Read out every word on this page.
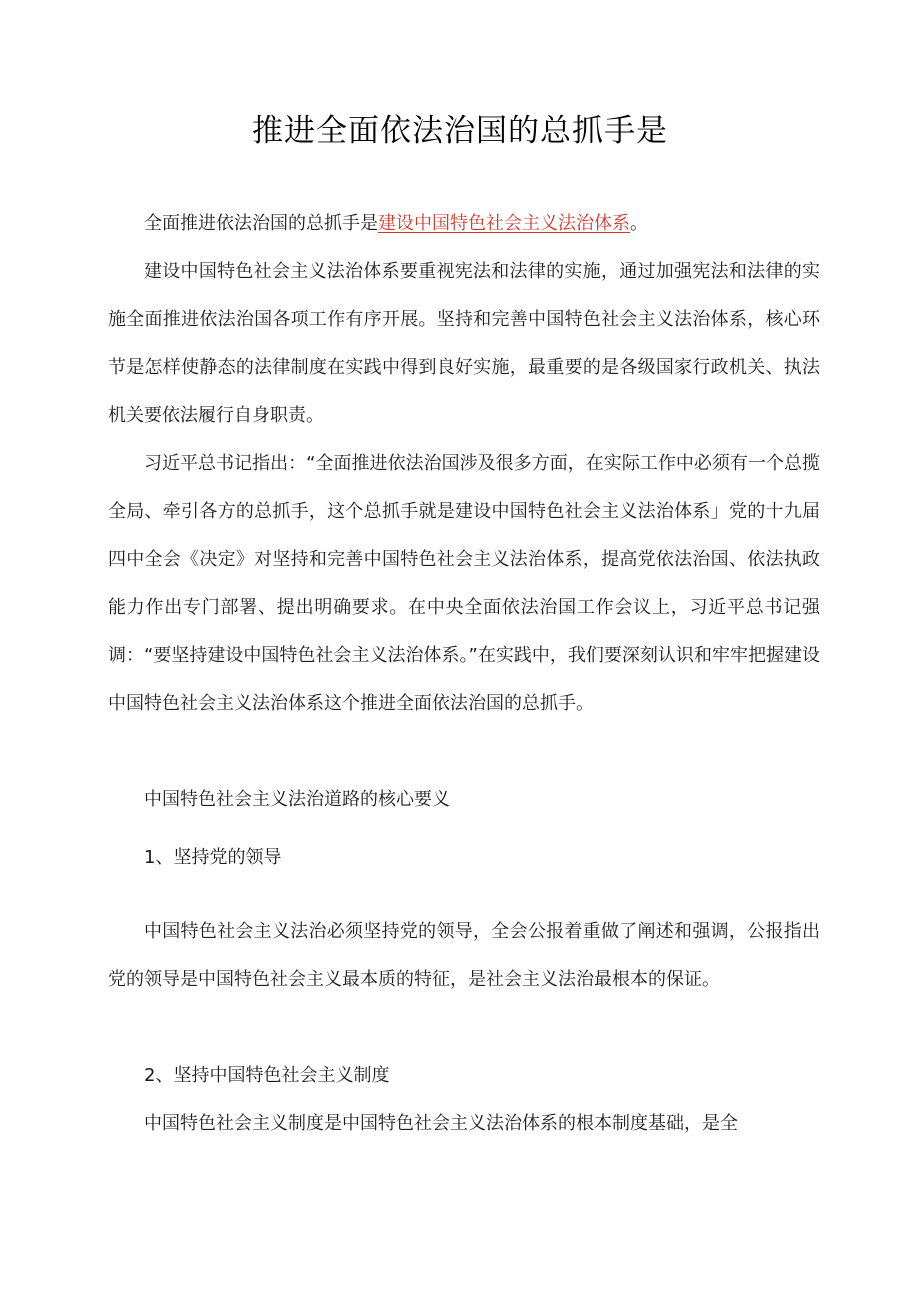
推进全面依法治国的总抓手是
全面推进依法治国的总抓手是建设中国特色社会主义法治体系。
建设中国特色社会主义法治体系要重视宪法和法律的实施，通过加强宪法和法律的实施全面推进依法治国各项工作有序开展。坚持和完善中国特色社会主义法治体系，核心环节是怎样使静态的法律制度在实践中得到良好实施，最重要的是各级国家行政机关、执法机关要依法履行自身职责。
习近平总书记指出：“全面推进依法治国涉及很多方面，在实际工作中必须有一个总揽全局、牵引各方的总抓手，这个总抓手就是建设中国特色社会主义法治体系」党的十九届四中全会《决定》对坚持和完善中国特色社会主义法治体系，提高党依法治国、依法执政能力作出专门部署、提出明确要求。在中央全面依法治国工作会议上，习近平总书记强调：“要坚持建设中国特色社会主义法治体系。”在实践中，我们要深刻认识和牢牢把握建设中国特色社会主义法治体系这个推进全面依法治国的总抓手。
中国特色社会主义法治道路的核心要义
1、坚持党的领导
中国特色社会主义法治必须坚持党的领导，全会公报着重做了阐述和强调，公报指出党的领导是中国特色社会主义最本质的特征，是社会主义法治最根本的保证。
2、坚持中国特色社会主义制度
中国特色社会主义制度是中国特色社会主义法治体系的根本制度基础，是全
